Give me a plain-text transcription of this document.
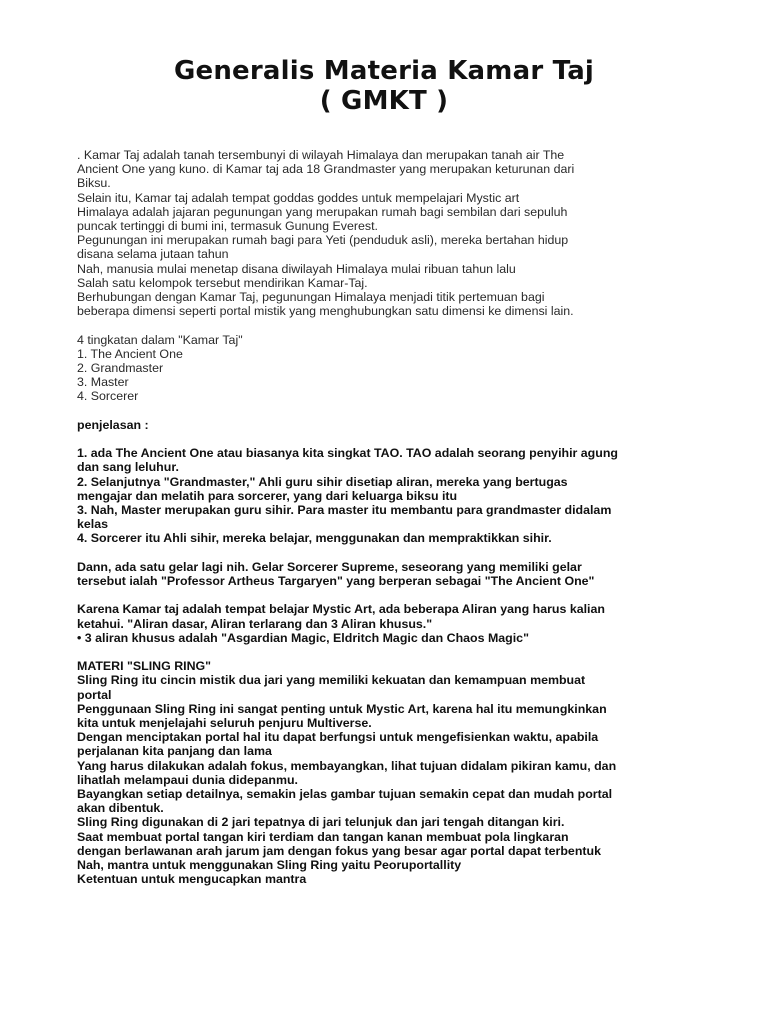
Generalis Materia Kamar Taj
( GMKT )
. Kamar Taj adalah tanah tersembunyi di wilayah Himalaya dan merupakan tanah air The
Ancient One yang kuno. di Kamar taj ada 18 Grandmaster yang merupakan keturunan dari
Biksu.
Selain itu, Kamar taj adalah tempat goddas goddes untuk mempelajari Mystic art
Himalaya adalah jajaran pegunungan yang merupakan rumah bagi sembilan dari sepuluh
puncak tertinggi di bumi ini, termasuk Gunung Everest.
Pegunungan ini merupakan rumah bagi para Yeti (penduduk asli), mereka bertahan hidup
disana selama jutaan tahun
Nah, manusia mulai menetap disana diwilayah Himalaya mulai ribuan tahun lalu
Salah satu kelompok tersebut mendirikan Kamar-Taj.
Berhubungan dengan Kamar Taj, pegunungan Himalaya menjadi titik pertemuan bagi
beberapa dimensi seperti portal mistik yang menghubungkan satu dimensi ke dimensi lain.
4 tingkatan dalam "Kamar Taj"
1. The Ancient One
2. Grandmaster
3. Master
4. Sorcerer
penjelasan :
1. ada The Ancient One atau biasanya kita singkat TAO. TAO adalah seorang penyihir agung
dan sang leluhur.
2. Selanjutnya "Grandmaster," Ahli guru sihir disetiap aliran, mereka yang bertugas
mengajar dan melatih para sorcerer, yang dari keluarga biksu itu
3. Nah, Master merupakan guru sihir. Para master itu membantu para grandmaster didalam
kelas
4. Sorcerer itu Ahli sihir, mereka belajar, menggunakan dan mempraktikkan sihir.
Dann, ada satu gelar lagi nih. Gelar Sorcerer Supreme, seseorang yang memiliki gelar
tersebut ialah "Professor Artheus Targaryen" yang berperan sebagai "The Ancient One"
Karena Kamar taj adalah tempat belajar Mystic Art, ada beberapa Aliran yang harus kalian
ketahui. "Aliran dasar, Aliran terlarang dan 3 Aliran khusus."
• 3 aliran khusus adalah "Asgardian Magic, Eldritch Magic dan Chaos Magic"
MATERI "SLING RING"
Sling Ring itu cincin mistik dua jari yang memiliki kekuatan dan kemampuan membuat
portal
Penggunaan Sling Ring ini sangat penting untuk Mystic Art, karena hal itu memungkinkan
kita untuk menjelajahi seluruh penjuru Multiverse.
Dengan menciptakan portal hal itu dapat berfungsi untuk mengefisienkan waktu, apabila
perjalanan kita panjang dan lama
Yang harus dilakukan adalah fokus, membayangkan, lihat tujuan didalam pikiran kamu, dan
lihatlah melampaui dunia didepanmu.
Bayangkan setiap detailnya, semakin jelas gambar tujuan semakin cepat dan mudah portal
akan dibentuk.
Sling Ring digunakan di 2 jari tepatnya di jari telunjuk dan jari tengah ditangan kiri.
Saat membuat portal tangan kiri terdiam dan tangan kanan membuat pola lingkaran
dengan berlawanan arah jarum jam dengan fokus yang besar agar portal dapat terbentuk
Nah, mantra untuk menggunakan Sling Ring yaitu Peoruportallity
Ketentuan untuk mengucapkan mantra
